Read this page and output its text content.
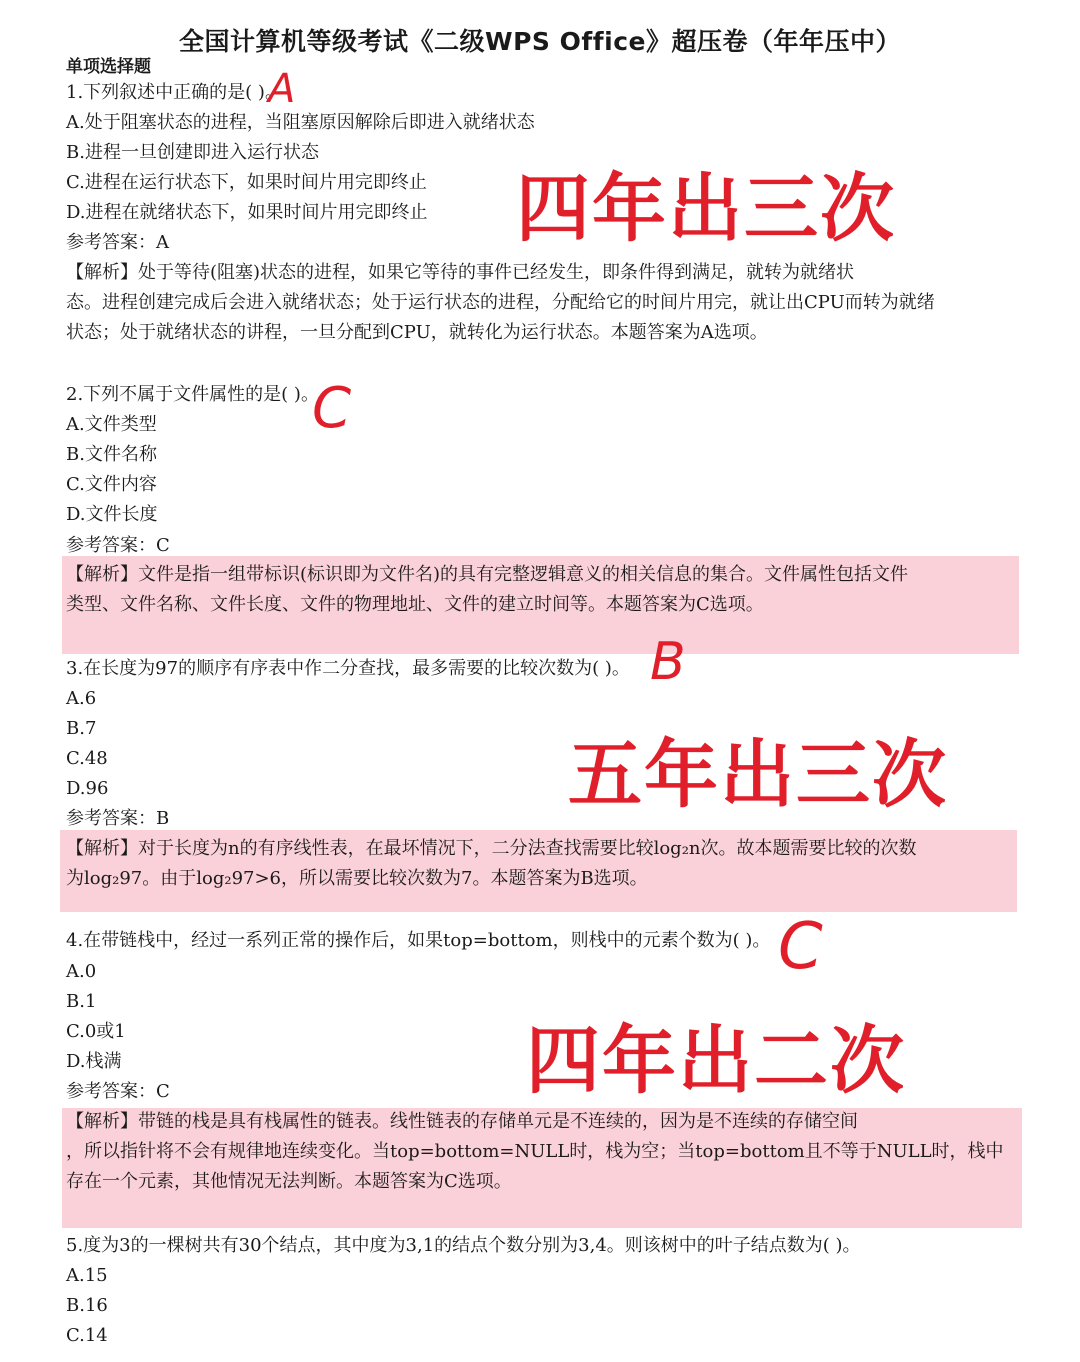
全国计算机等级考试《二级WPS Office》超压卷（年年压中）
单项选择题
1.下列叙述中正确的是( )。
A.处于阻塞状态的进程，当阻塞原因解除后即进入就绪状态
B.进程一旦创建即进入运行状态
C.进程在运行状态下，如果时间片用完即终止
D.进程在就绪状态下，如果时间片用完即终止
参考答案：A
【解析】处于等待(阻塞)状态的进程，如果它等待的事件已经发生，即条件得到满足，就转为就绪状
态。进程创建完成后会进入就绪状态；处于运行状态的进程，分配给它的时间片用完，就让出CPU而转为就绪
状态；处于就绪状态的讲程，一旦分配到CPU，就转化为运行状态。本题答案为A选项。
A
四年出三次
2.下列不属于文件属性的是( )。
A.文件类型
B.文件名称
C.文件内容
D.文件长度
参考答案：C
【解析】文件是指一组带标识(标识即为文件名)的具有完整逻辑意义的相关信息的集合。文件属性包括文件
类型、文件名称、文件长度、文件的物理地址、文件的建立时间等。本题答案为C选项。
C
3.在长度为97的顺序有序表中作二分查找，最多需要的比较次数为( )。
A.6
B.7
C.48
D.96
参考答案：B
【解析】对于长度为n的有序线性表，在最坏情况下，二分法查找需要比较log₂n次。故本题需要比较的次数
为log₂97。由于log₂97>6，所以需要比较次数为7。本题答案为B选项。
B
五年出三次
4.在带链栈中，经过一系列正常的操作后，如果top=bottom，则栈中的元素个数为( )。
A.0
B.1
C.0或1
D.栈满
参考答案：C
【解析】带链的栈是具有栈属性的链表。线性链表的存储单元是不连续的，因为是不连续的存储空间
，所以指针将不会有规律地连续变化。当top=bottom=NULL时，栈为空；当top=bottom且不等于NULL时，栈中
存在一个元素，其他情况无法判断。本题答案为C选项。
C
四年出二次
5.度为3的一棵树共有30个结点，其中度为3,1的结点个数分别为3,4。则该树中的叶子结点数为( )。
A.15
B.16
C.14
